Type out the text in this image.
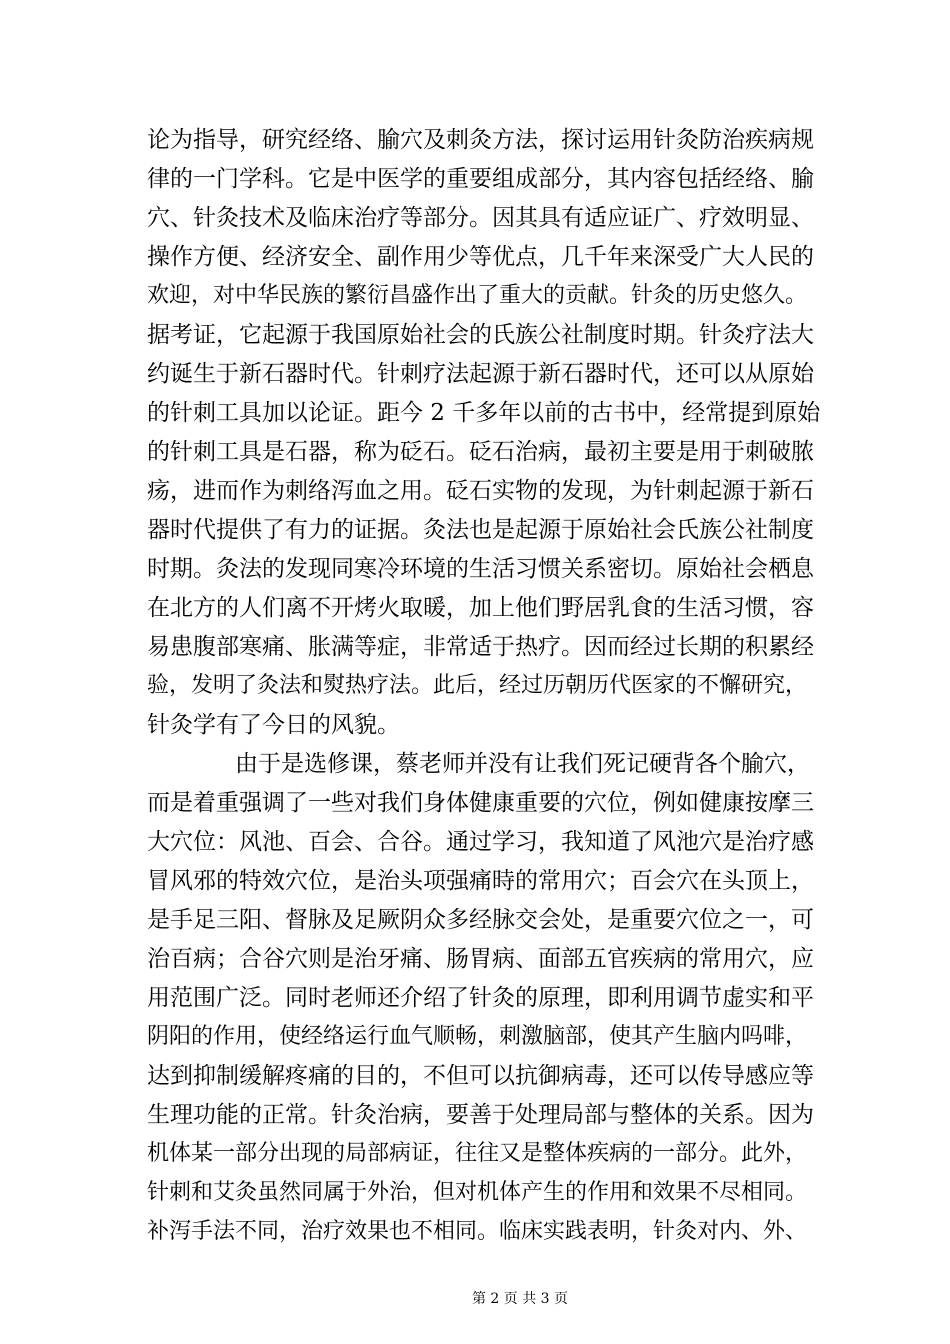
论为指导，研究经络、腧穴及刺灸方法，探讨运用针灸防治疾病规

律的一门学科。它是中医学的重要组成部分，其内容包括经络、腧

穴、针灸技术及临床治疗等部分。因其具有适应证广、疗效明显、

操作方便、经济安全、副作用少等优点，几千年来深受广大人民的

欢迎，对中华民族的繁衍昌盛作出了重大的贡献。针灸的历史悠久。

据考证，它起源于我国原始社会的氏族公社制度时期。针灸疗法大

约诞生于新石器时代。针刺疗法起源于新石器时代，还可以从原始

的针刺工具加以论证。距今 2 千多年以前的古书中，经常提到原始

的针刺工具是石器，称为砭石。砭石治病，最初主要是用于刺破脓

疡，进而作为刺络泻血之用。砭石实物的发现，为针刺起源于新石

器时代提供了有力的证据。灸法也是起源于原始社会氏族公社制度

时期。灸法的发现同寒冷环境的生活习惯关系密切。原始社会栖息

在北方的人们离不开烤火取暖，加上他们野居乳食的生活习惯，容

易患腹部寒痛、胀满等症，非常适于热疗。因而经过长期的积累经

验，发明了灸法和熨热疗法。此后，经过历朝历代医家的不懈研究，

针灸学有了今日的风貌。

由于是选修课，蔡老师并没有让我们死记硬背各个腧穴，

而是着重强调了一些对我们身体健康重要的穴位，例如健康按摩三

大穴位：风池、百会、合谷。通过学习，我知道了风池穴是治疗感

冒风邪的特效穴位，是治头项强痛時的常用穴；百会穴在头顶上，

是手足三阳、督脉及足厥阴众多经脉交会处，是重要穴位之一，可

治百病；合谷穴则是治牙痛、肠胃病、面部五官疾病的常用穴，应

用范围广泛。同时老师还介绍了针灸的原理，即利用调节虚实和平

阴阳的作用，使经络运行血气顺畅，刺激脑部，使其产生脑内吗啡，

达到抑制缓解疼痛的目的，不但可以抗御病毒，还可以传导感应等

生理功能的正常。针灸治病，要善于处理局部与整体的关系。因为

机体某一部分出现的局部病证，往往又是整体疾病的一部分。此外，

针刺和艾灸虽然同属于外治，但对机体产生的作用和效果不尽相同。

补泻手法不同，治疗效果也不相同。临床实践表明，针灸对内、外、

第 2 页 共 3 页
